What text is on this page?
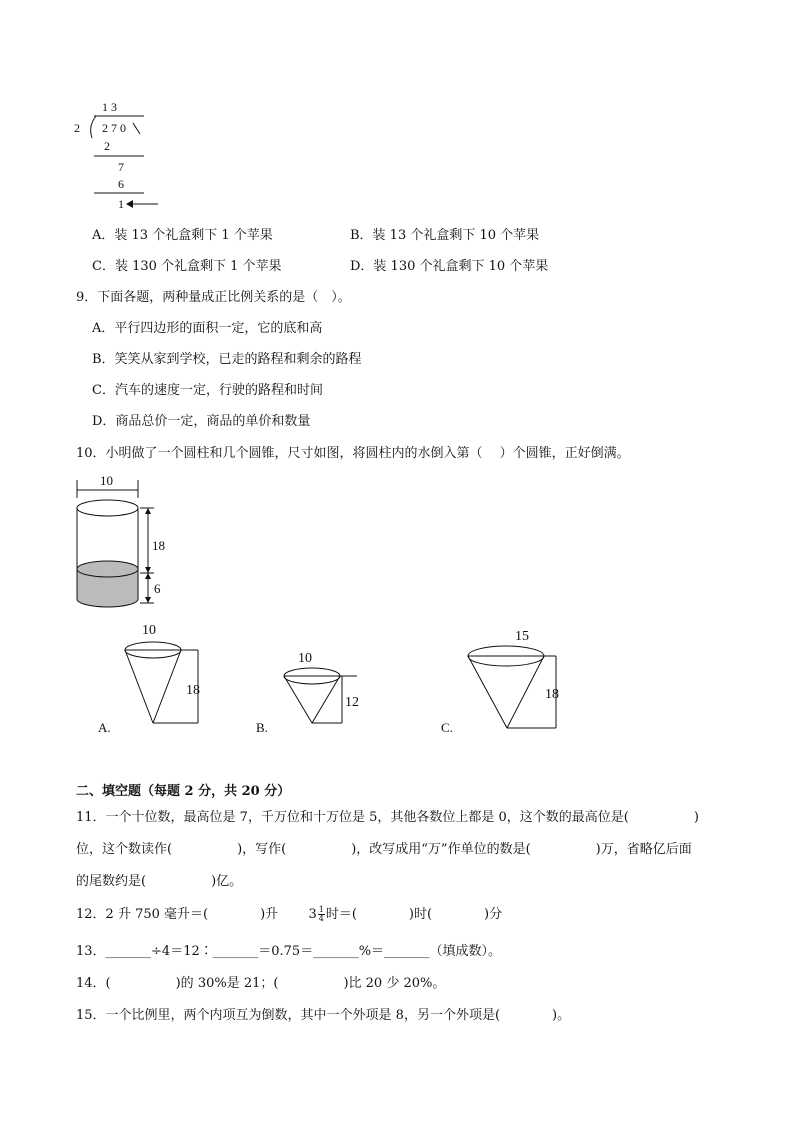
1 3
2 2 7 0
2
7
6
1
A．装 13 个礼盒剩下 1 个苹果	B．装 13 个礼盒剩下 10 个苹果
C．装 130 个礼盒剩下 1 个苹果	D．装 130 个礼盒剩下 10 个苹果
9．下面各题，两种量成正比例关系的是（　）。
A．平行四边形的面积一定，它的底和高
B．笑笑从家到学校，已走的路程和剩余的路程
C．汽车的速度一定，行驶的路程和时间
D．商品总价一定，商品的单价和数量
10．小明做了一个圆柱和几个圆锥，尺寸如图，将圆柱内的水倒入第（　 ）个圆锥，正好倒满。
10
18
6
10
18
A.
10
12
B.
15
18
C.
二、填空题（每题 2 分，共 20 分）
11．一个十位数，最高位是 7，千万位和十万位是 5，其他各数位上都是 0，这个数的最高位是(　　　　　)
位，这个数读作(　　　　　)，写作(　　　　　)，改写成用“万”作单位的数是(　　　　　)万，省略亿后面
的尾数约是(　　　　　)亿。
12．2 升 750 毫升＝(　　　　)升 $3 \frac{1}{4}$ 时＝(　　　　)时(　　　　)分
13．_______÷4＝12∶_______＝0.75＝_______%＝_______（填成数）。
14．(　　　　　)的 30%是 21；(　　　　　)比 20 少 20%。
15．一个比例里，两个内项互为倒数，其中一个外项是 8，另一个外项是(　　　　)。
